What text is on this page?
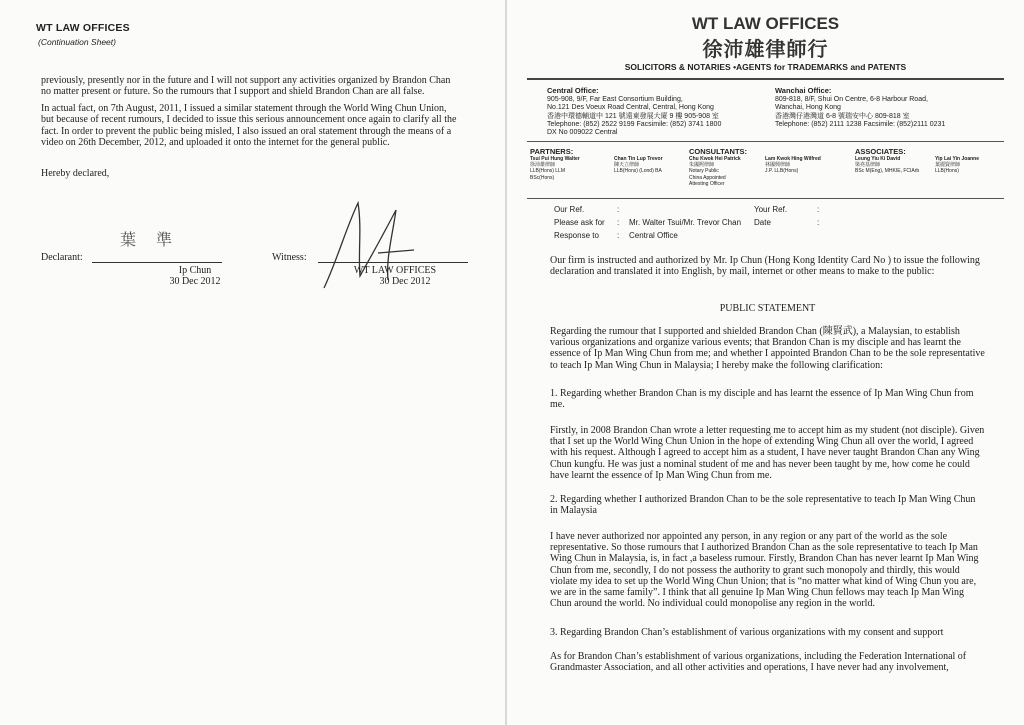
WT LAW OFFICES
(Continuation Sheet)

previously, presently nor in the future and I will not support any activities organized by Brandon Chan no matter present or future. So the rumours that I support and shield Brandon Chan are all false.

In actual fact, on 7th August, 2011, I issued a similar statement through the World Wing Chun Union, but because of recent rumours, I decided to issue this serious announcement once again to clarify all the fact. In order to prevent the public being misled, I also issued an oral statement through the means of a video on 26th December, 2012, and uploaded it onto the internet for the general public.

Hereby declared,

葉 準
Declarant:
Ip Chun
30 Dec 2012
Witness:
WT LAW OFFICES
30 Dec 2012
WT LAW OFFICES
徐沛雄律師行
SOLICITORS & NOTARIES •AGENTS for TRADEMARKS and PATENTS
Central Office:
905-908, 9/F, Far East Consortium Building,
No.121 Des Voeux Road Central, Central, Hong Kong
香港中環德輔道中 121 號遠東發展大廈 9 樓 905-908 室
Telephone: (852) 2522 9199 Facsimile: (852) 3741 1800
DX No 009022 Central
Wanchai Office:
809-818, 8/F, Shui On Centre, 6-8 Harbour Road,
Wanchai, Hong Kong
香港灣仔港灣道 6-8 號瑞安中心 809-818 室
Telephone: (852) 2111 1238 Facsimile: (852)2111 0231
PARTNERS:	CONSULTANTS:	ASSOCIATES:
Tsui Pui Hung Walter
徐沛雄律師
LLB(Hons) LLM
BSc(Hons)
Chan Tin Lup Trevor
陳天立律師
LLB(Hons) (Lond) BA
Chu Kwok Hei Patrick
朱國熙律師
Notary Public
China Appointed
Attesting Officer
Lam Kwok Hing Wilfred
林國興律師
J.P. LLB(Hons)
Leung Yiu Ki David
梁堯基律師
BSc M(Eng), MHKIE, FCIArb
Yip Lai Yin Joanne
葉麗賢律師
LLB(Hons)
Our Ref.
Please ask for
Response to
:
:
:
Mr. Walter Tsui/Mr. Trevor Chan
Central Office
Your Ref.
Date
:
:

Our firm is instructed and authorized by Mr. Ip Chun (Hong Kong Identity Card No ) to issue the following declaration and translated it into English, by mail, internet or other means to make to the public:

PUBLIC STATEMENT

Regarding the rumour that I supported and shielded Brandon Chan (陳賢武), a Malaysian, to establish various organizations and organize various events; that Brandon Chan is my disciple and has learnt the essence of Ip Man Wing Chun from me; and whether I appointed Brandon Chan to be the sole representative to teach Ip Man Wing Chun in Malaysia; I hereby make the following clarification:

1. Regarding whether Brandon Chan is my disciple and has learnt the essence of Ip Man Wing Chun from me.

Firstly, in 2008 Brandon Chan wrote a letter requesting me to accept him as my student (not disciple). Given that I set up the World Wing Chun Union in the hope of extending Wing Chun all over the world, I agreed with his request. Although I agreed to accept him as a student, I have never taught Brandon Chan any Wing Chun kungfu. He was just a nominal student of me and has never been taught by me, how come he could have learnt the essence of Ip Man Wing Chun from me.

2. Regarding whether I authorized Brandon Chan to be the sole representative to teach Ip Man Wing Chun in Malaysia

I have never authorized nor appointed any person, in any region or any part of the world as the sole representative. So those rumours that I authorized Brandon Chan as the sole representative to teach Ip Man Wing Chun in Malaysia, is, in fact ,a baseless rumour. Firstly, Brandon Chan has never learnt Ip Man Wing Chun from me, secondly, I do not possess the authority to grant such monopoly and thirdly, this would violate my idea to set up the World Wing Chun Union; that is “no matter what kind of Wing Chun you are, we are in the same family”. I think that all genuine Ip Man Wing Chun fellows may teach Ip Man Wing Chun around the world. No individual could monopolise any region in the world.

3. Regarding Brandon Chan’s establishment of various organizations with my consent and support

As for Brandon Chan’s establishment of various organizations, including the Federation International of Grandmaster Association, and all other activities and operations, I have never had any involvement,
